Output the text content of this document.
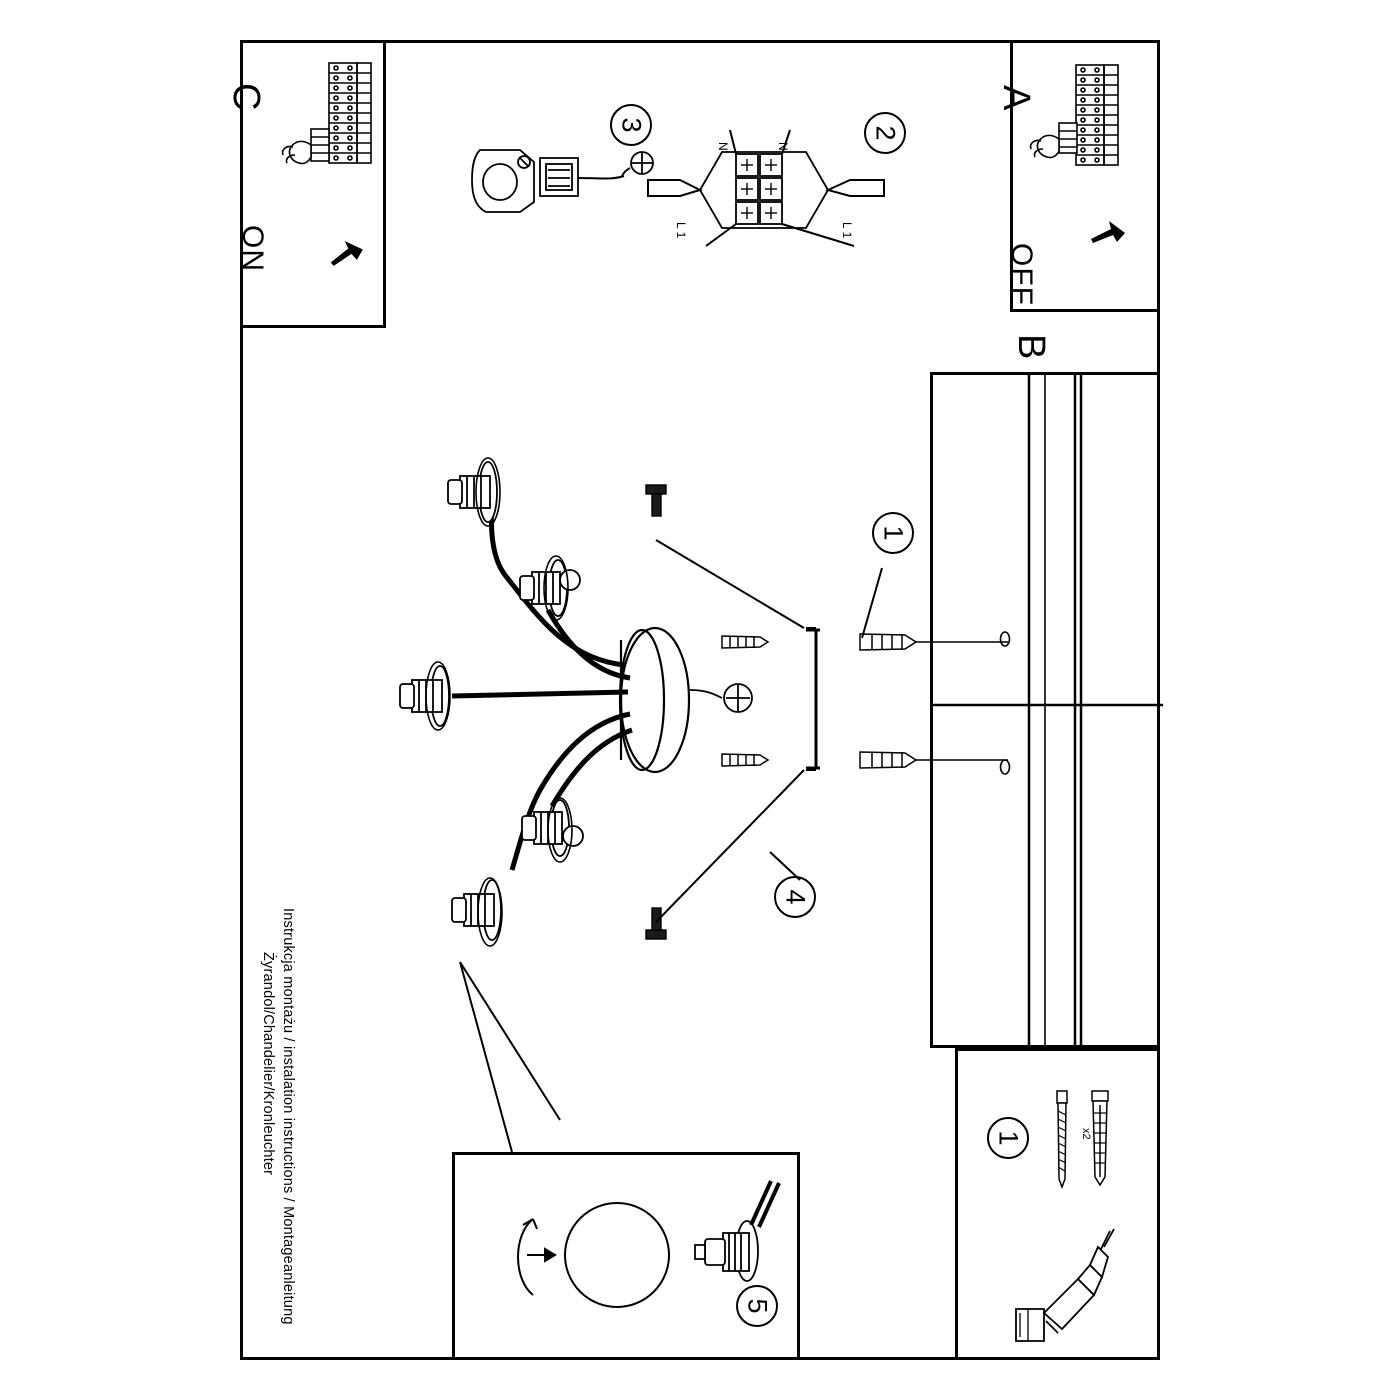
Instrukcja montażu / instalation instructions / Montageanleitung
Żyrandol/Chandelier/Kronleuchter
A
OFF
C
ON
B
1
5
1
4
2
N	N
L 1	L 1
3
x2
